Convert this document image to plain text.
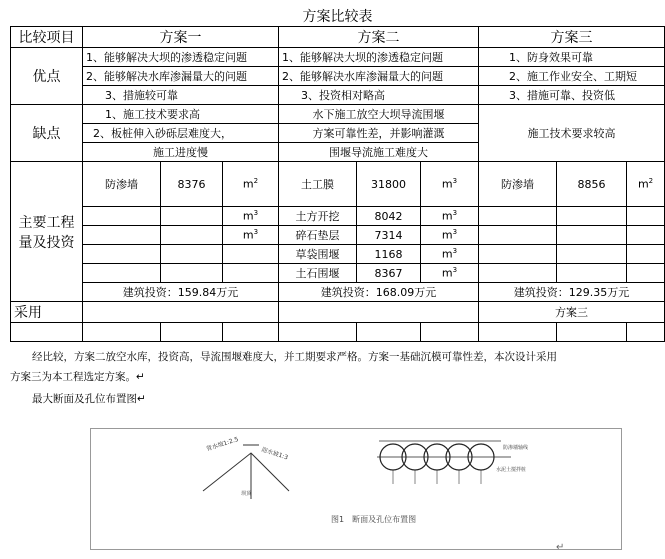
方案比较表									
比较项目	方案一			方案二			方案三		
优点	1、能够解决大坝的渗透稳定问题			1、能够解决大坝的渗透稳定问题			1、防身效果可靠		
	2、能够解决水库渗漏量大的问题			2、能够解决水库渗漏量大的问题			2、施工作业安全、工期短		
	3、措施较可靠			3、投资相对略高			3、措施可靠、投资低		
缺点	1、施工技术要求高			水下施工放空大坝导流围堰			施工技术要求较高		
	2、板桩伸入砂砾层难度大，			方案可靠性差，并影响灌溉					
	施工进度慢			围堰导流施工难度大					

主要工程
量及投资	防渗墙	8376	$m^2$	土工膜	31800	$m^3$	防渗墙	8856	$m^2$
			$m^3$	土方开挖	8042	$m^3$			
			$m^3$	碎石垫层	7314	$m^3$			
				草袋围堰	1168	$m^3$			
				土石围堰	8367	$m^3$			
	建筑投资：159.84万元			建筑投资：168.09万元			建筑投资：129.35万元		
采用							方案三		

经比较，方案二放空水库，投资高，导流围堰难度大，并工期要求严格。方案一基础沉模可靠性差，本次设计采用
方案三为本工程选定方案。↵
最大断面及孔位布置图↵
背水坡1:2.5
迎水坡1:3
坝顶
防渗墙轴线
水泥土搅拌桩
图1　断面及孔位布置图
↵
